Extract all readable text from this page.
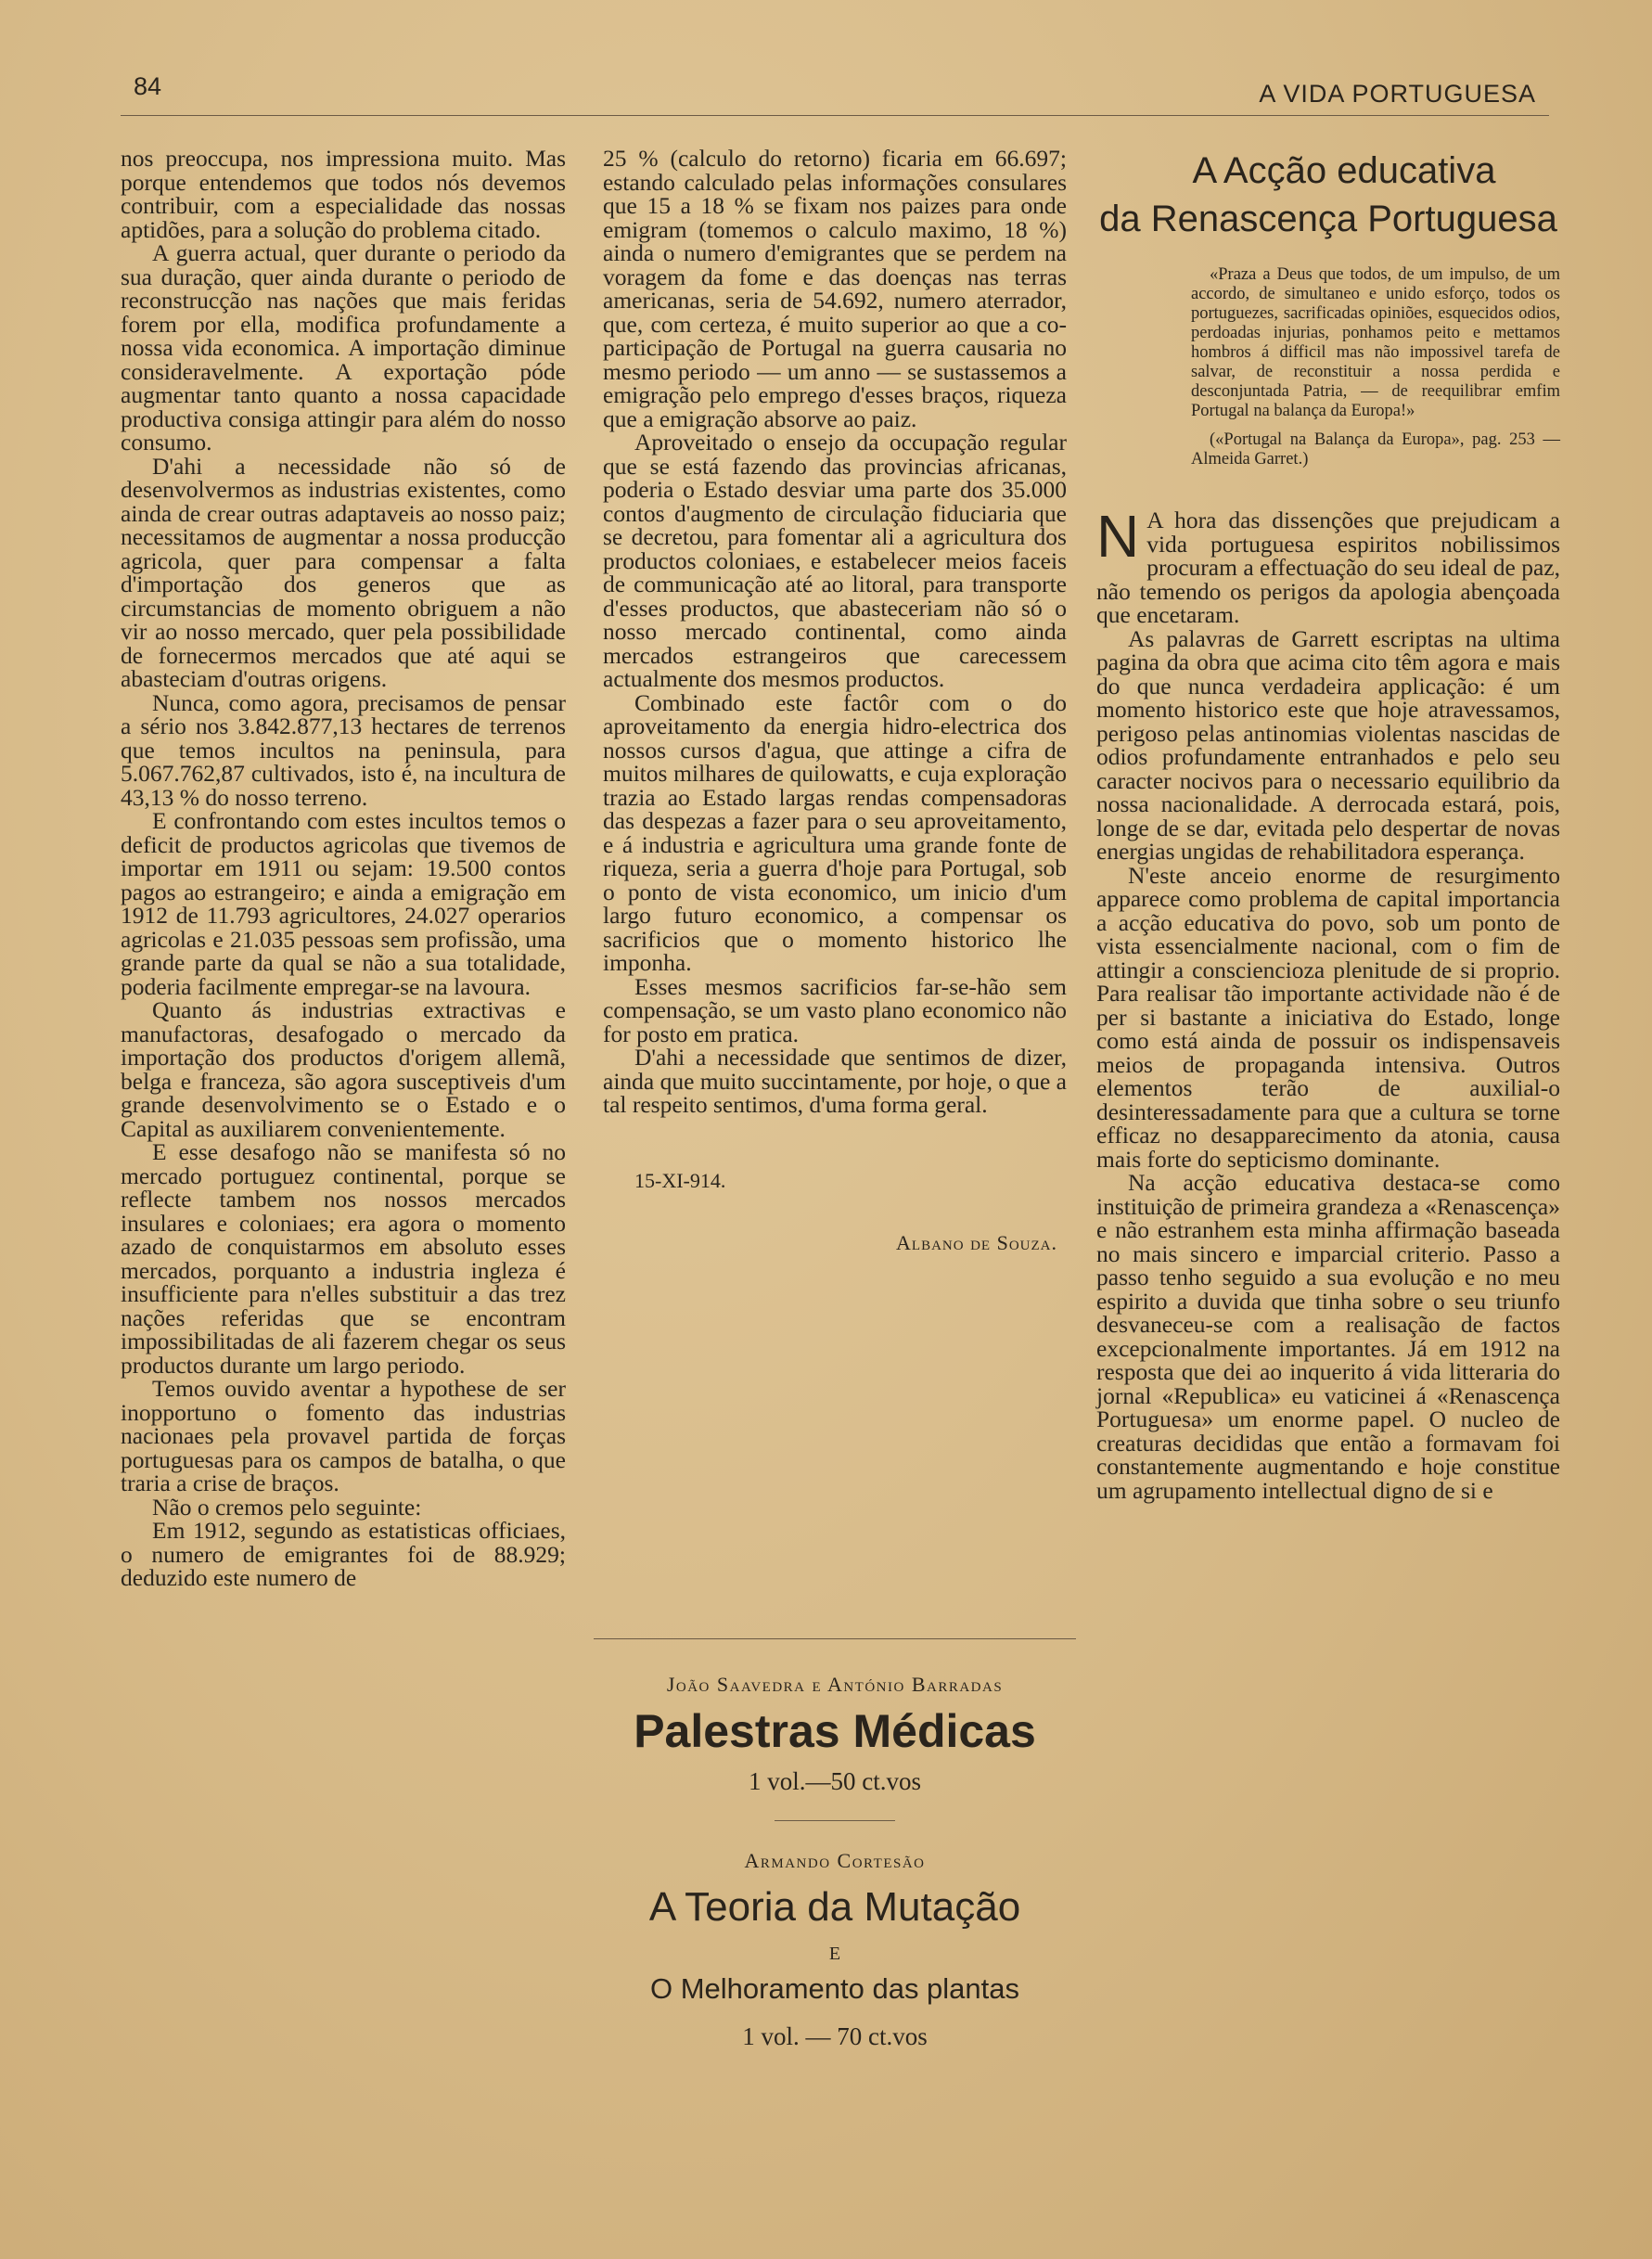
84	A VIDA PORTUGUESA

nos preoccupa, nos impressiona muito. Mas porque entendemos que todos nós devemos contribuir, com a especialidade das nossas aptidões, para a solução do problema citado.

A guerra actual, quer durante o periodo da sua duração, quer ainda durante o periodo de reconstrucção nas nações que mais feridas forem por ella, modifica profundamente a nossa vida economica. A importação diminue consideravelmente. A exportação póde augmentar tanto quanto a nossa capacidade productiva consiga attingir para além do nosso consumo.

D'ahi a necessidade não só de desenvolvermos as industrias existentes, como ainda de crear outras adaptaveis ao nosso paiz; necessitamos de augmentar a nossa producção agricola, quer para compensar a falta d'importação dos generos que as circumstancias de momento obriguem a não vir ao nosso mercado, quer pela possibilidade de fornecermos mercados que até aqui se abasteciam d'outras origens.

Nunca, como agora, precisamos de pensar a sério nos 3.842.877,13 hectares de terrenos que temos incultos na peninsula, para 5.067.762,87 cultivados, isto é, na incultura de 43,13 % do nosso terreno.

E confrontando com estes incultos temos o deficit de productos agricolas que tivemos de importar em 1911 ou sejam: 19.500 contos pagos ao estrangeiro; e ainda a emigração em 1912 de 11.793 agricultores, 24.027 operarios agricolas e 21.035 pessoas sem profissão, uma grande parte da qual se não a sua totalidade, poderia facilmente empregar-se na lavoura.

Quanto ás industrias extractivas e manufactoras, desafogado o mercado da importação dos productos d'origem allemã, belga e franceza, são agora susceptiveis d'um grande desenvolvimento se o Estado e o Capital as auxiliarem convenientemente.

E esse desafogo não se manifesta só no mercado portuguez continental, porque se reflecte tambem nos nossos mercados insulares e coloniaes; era agora o momento azado de conquistarmos em absoluto esses mercados, porquanto a industria ingleza é insufficiente para n'elles substituir a das trez nações referidas que se encontram impossibilitadas de ali fazerem chegar os seus productos durante um largo periodo.

Temos ouvido aventar a hypothese de ser inopportuno o fomento das industrias nacionaes pela provavel partida de forças portuguesas para os campos de batalha, o que traria a crise de braços.

Não o cremos pelo seguinte:

Em 1912, segundo as estatisticas officiaes, o numero de emigrantes foi de 88.929; deduzido este numero de

25 % (calculo do retorno) ficaria em 66.697; estando calculado pelas informações consulares que 15 a 18 % se fixam nos paizes para onde emigram (tomemos o calculo maximo, 18 %) ainda o numero d'emigrantes que se perdem na voragem da fome e das doenças nas terras americanas, seria de 54.692, numero aterrador, que, com certeza, é muito superior ao que a co-participação de Portugal na guerra causaria no mesmo periodo — um anno — se sustassemos a emigração pelo emprego d'esses braços, riqueza que a emigração absorve ao paiz.

Aproveitado o ensejo da occupação regular que se está fazendo das provincias africanas, poderia o Estado desviar uma parte dos 35.000 contos d'augmento de circulação fiduciaria que se decretou, para fomentar ali a agricultura dos productos coloniaes, e estabelecer meios faceis de communicação até ao litoral, para transporte d'esses productos, que abasteceriam não só o nosso mercado continental, como ainda mercados estrangeiros que carecessem actualmente dos mesmos productos.

Combinado este factôr com o do aproveitamento da energia hidro-electrica dos nossos cursos d'agua, que attinge a cifra de muitos milhares de quilowatts, e cuja exploração trazia ao Estado largas rendas compensadoras das despezas a fazer para o seu aproveitamento, e á industria e agricultura uma grande fonte de riqueza, seria a guerra d'hoje para Portugal, sob o ponto de vista economico, um inicio d'um largo futuro economico, a compensar os sacrificios que o momento historico lhe imponha.

Esses mesmos sacrificios far-se-hão sem compensação, se um vasto plano economico não for posto em pratica.

D'ahi a necessidade que sentimos de dizer, ainda que muito succintamente, por hoje, o que a tal respeito sentimos, d'uma forma geral.

15-XI-914.

Albano de Souza.

João Saavedra e António Barradas
Palestras Médicas
1 vol.—50 ct.vos
Armando Cortesão
A Teoria da Mutação
E
O Melhoramento das plantas
1 vol. — 70 ct.vos

A Acção educativa
da Renascença Portuguesa

«Praza a Deus que todos, de um impulso, de um accordo, de simultaneo e unido esforço, todos os portuguezes, sacrificadas opiniões, esquecidos odios, perdoadas injurias, ponhamos peito e mettamos hombros á difficil mas não impossivel tarefa de salvar, de reconstituir a nossa perdida e desconjuntada Patria, — de reequilibrar emfim Portugal na balança da Europa!»

(«Portugal na Balança da Europa», pag. 253 — Almeida Garret.)

N A hora das dissenções que prejudicam a vida portuguesa espiritos nobilissimos procuram a effectuação do seu ideal de paz, não temendo os perigos da apologia abençoada que encetaram.

As palavras de Garrett escriptas na ultima pagina da obra que acima cito têm agora e mais do que nunca verdadeira applicação: é um momento historico este que hoje atravessamos, perigoso pelas antinomias violentas nascidas de odios profundamente entranhados e pelo seu caracter nocivos para o necessario equilibrio da nossa nacionalidade. A derrocada estará, pois, longe de se dar, evitada pelo despertar de novas energias ungidas de rehabilitadora esperança.

N'este anceio enorme de resurgimento apparece como problema de capital importancia a acção educativa do povo, sob um ponto de vista essencialmente nacional, com o fim de attingir a consciencioza plenitude de si proprio. Para realisar tão importante actividade não é de per si bastante a iniciativa do Estado, longe como está ainda de possuir os indispensaveis meios de propaganda intensiva. Outros elementos terão de auxilial-o desinteressadamente para que a cultura se torne efficaz no desapparecimento da atonia, causa mais forte do septicismo dominante.

Na acção educativa destaca-se como instituição de primeira grandeza a «Renascença» e não estranhem esta minha affirmação baseada no mais sincero e imparcial criterio. Passo a passo tenho seguido a sua evolução e no meu espirito a duvida que tinha sobre o seu triunfo desvaneceu-se com a realisação de factos excepcionalmente importantes. Já em 1912 na resposta que dei ao inquerito á vida litteraria do jornal «Republica» eu vaticinei á «Renascença Portuguesa» um enorme papel. O nucleo de creaturas decididas que então a formavam foi constantemente augmentando e hoje constitue um agrupamento intellectual digno de si e
